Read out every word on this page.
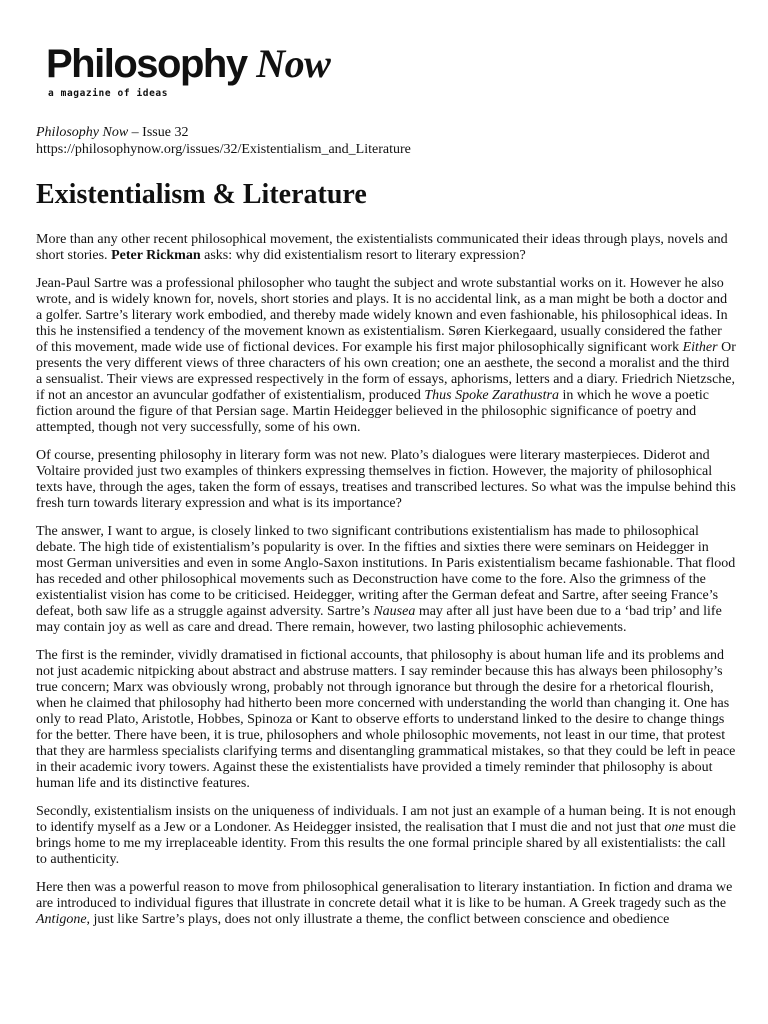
Philosophy Now
a magazine of ideas
Philosophy Now – Issue 32
https://philosophynow.org/issues/32/Existentialism_and_Literature
Existentialism & Literature

More than any other recent philosophical movement, the existentialists communicated their ideas through plays, novels and short stories. Peter Rickman asks: why did existentialism resort to literary expression?

Jean-Paul Sartre was a professional philosopher who taught the subject and wrote substantial works on it. However he also wrote, and is widely known for, novels, short stories and plays. It is no accidental link, as a man might be both a doctor and a golfer. Sartre’s literary work embodied, and thereby made widely known and even fashionable, his philosophical ideas. In this he instensified a tendency of the movement known as existentialism. Søren Kierkegaard, usually considered the father of this movement, made wide use of fictional devices. For example his first major philosophically significant work Either Or presents the very different views of three characters of his own creation; one an aesthete, the second a moralist and the third a sensualist. Their views are expressed respectively in the form of essays, aphorisms, letters and a diary. Friedrich Nietzsche, if not an ancestor an avuncular godfather of existentialism, produced Thus Spoke Zarathustra in which he wove a poetic fiction around the figure of that Persian sage. Martin Heidegger believed in the philosophic significance of poetry and attempted, though not very successfully, some of his own.

Of course, presenting philosophy in literary form was not new. Plato’s dialogues were literary masterpieces. Diderot and Voltaire provided just two examples of thinkers expressing themselves in fiction. However, the majority of philosophical texts have, through the ages, taken the form of essays, treatises and transcribed lectures. So what was the impulse behind this fresh turn towards literary expression and what is its importance?

The answer, I want to argue, is closely linked to two significant contributions existentialism has made to philosophical debate. The high tide of existentialism’s popularity is over. In the fifties and sixties there were seminars on Heidegger in most German universities and even in some Anglo-Saxon institutions. In Paris existentialism became fashionable. That flood has receded and other philosophical movements such as Deconstruction have come to the fore. Also the grimness of the existentialist vision has come to be criticised. Heidegger, writing after the German defeat and Sartre, after seeing France’s defeat, both saw life as a struggle against adversity. Sartre’s Nausea may after all just have been due to a ‘bad trip’ and life may contain joy as well as care and dread. There remain, however, two lasting philosophic achievements.

The first is the reminder, vividly dramatised in fictional accounts, that philosophy is about human life and its problems and not just academic nitpicking about abstract and abstruse matters. I say reminder because this has always been philosophy’s true concern; Marx was obviously wrong, probably not through ignorance but through the desire for a rhetorical flourish, when he claimed that philosophy had hitherto been more concerned with understanding the world than changing it. One has only to read Plato, Aristotle, Hobbes, Spinoza or Kant to observe efforts to understand linked to the desire to change things for the better. There have been, it is true, philosophers and whole philosophic movements, not least in our time, that protest that they are harmless specialists clarifying terms and disentangling grammatical mistakes, so that they could be left in peace in their academic ivory towers. Against these the existentialists have provided a timely reminder that philosophy is about human life and its distinctive features.

Secondly, existentialism insists on the uniqueness of individuals. I am not just an example of a human being. It is not enough to identify myself as a Jew or a Londoner. As Heidegger insisted, the realisation that I must die and not just that one must die brings home to me my irreplaceable identity. From this results the one formal principle shared by all existentialists: the call to authenticity.

Here then was a powerful reason to move from philosophical generalisation to literary instantiation. In fiction and drama we are introduced to individual figures that illustrate in concrete detail what it is like to be human. A Greek tragedy such as the Antigone, just like Sartre’s plays, does not only illustrate a theme, the conflict between conscience and obedience
